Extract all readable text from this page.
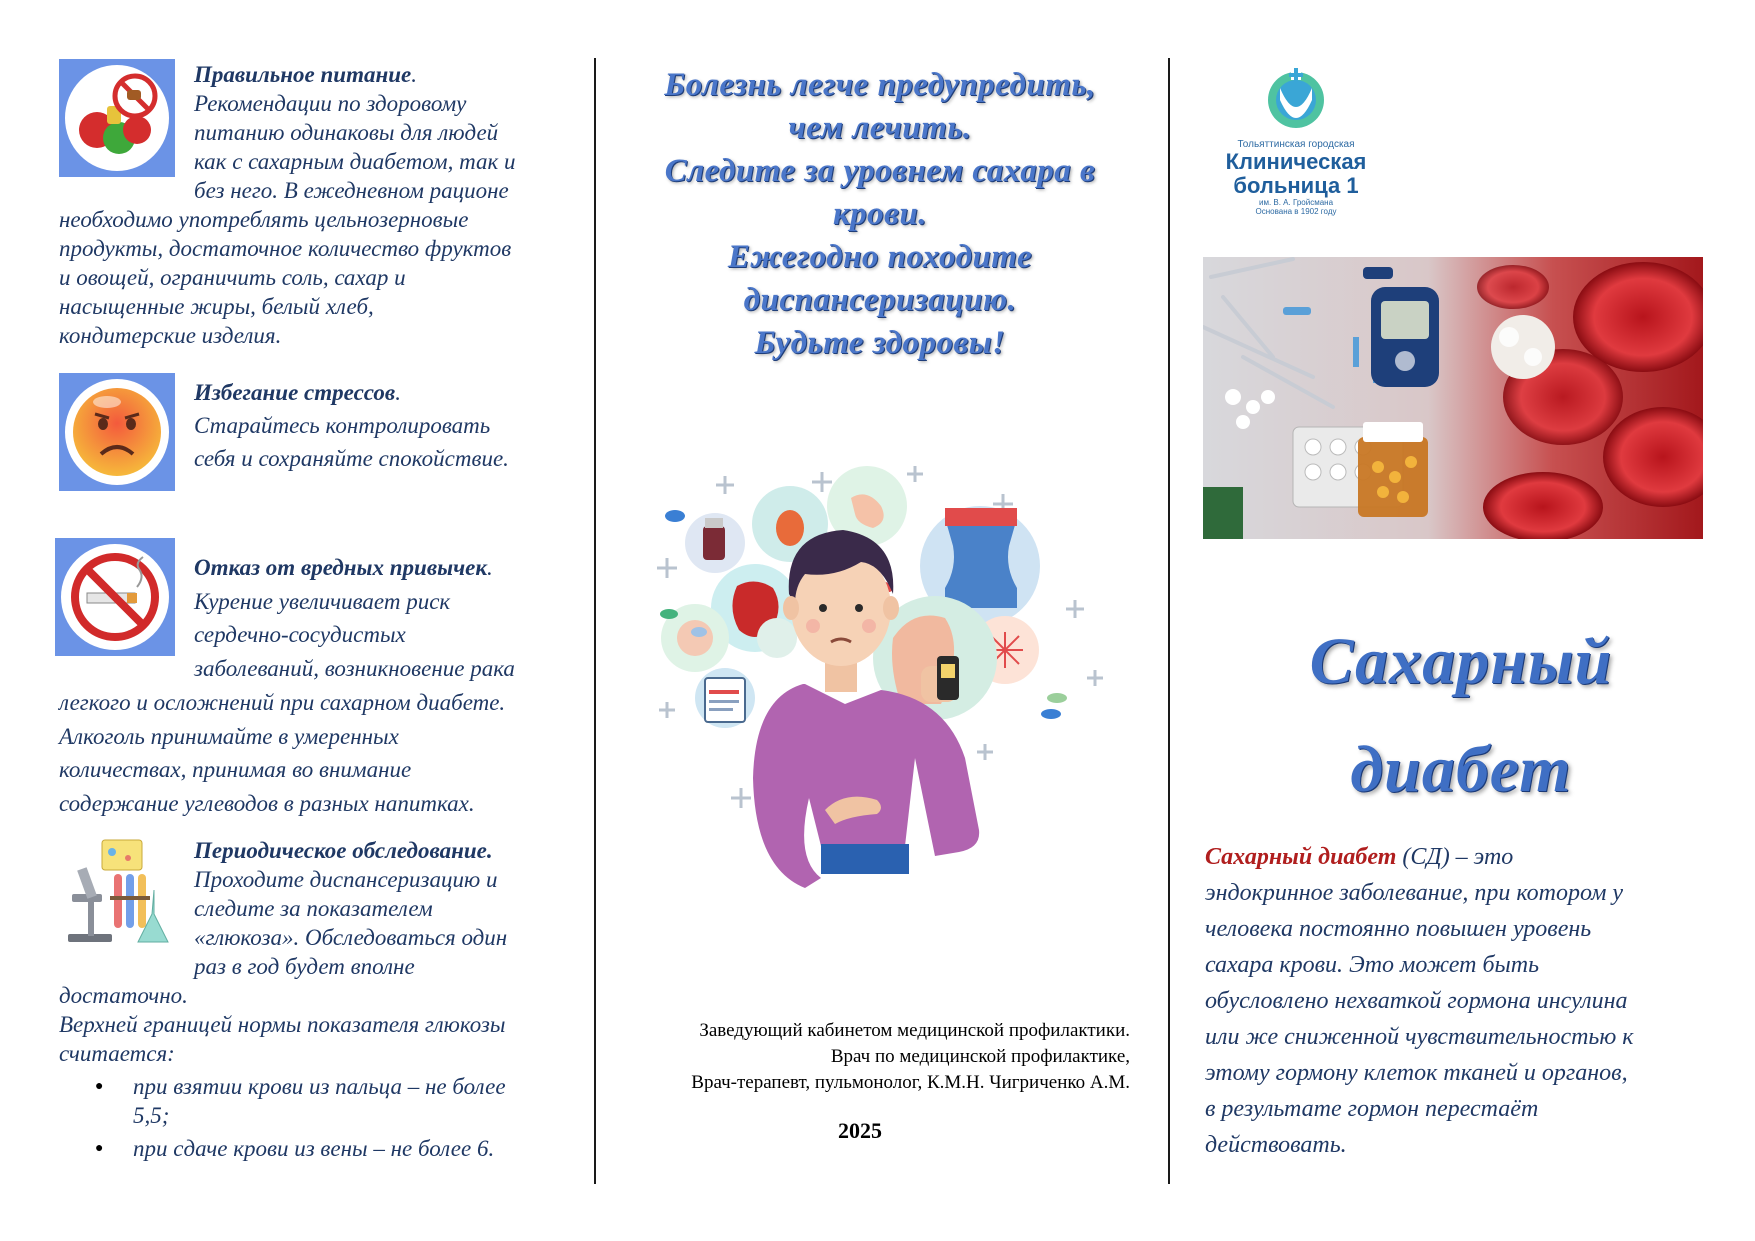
Правильное питание.
Рекомендации по здоровому
питанию одинаковы для людей
как с сахарным диабетом, так и
без него. В ежедневном рационе
необходимо употреблять цельнозерновые
продукты, достаточное количество фруктов
и овощей, ограничить соль, сахар и
насыщенные жиры, белый хлеб,
кондитерские изделия.
Избегание стрессов.
Старайтесь контролировать
себя и сохраняйте спокойствие.
Отказ от вредных привычек.
Курение увеличивает риск
сердечно-сосудистых
заболеваний, возникновение рака
легкого и осложнений при сахарном диабете.
Алкоголь принимайте в умеренных
количествах, принимая во внимание
содержание углеводов в разных напитках.
Периодическое обследование.
Проходите диспансеризацию и
следите за показателем
«глюкоза». Обследоваться один
раз в год будет вполне
достаточно.
Верхней границей нормы показателя глюкозы
считается:
● при взятии крови из пальца – не более 5,5;
● при сдаче крови из вены – не более 6.
Болезнь легче предупредить,
чем лечить.
Следите за уровнем сахара в
крови.
Ежегодно походите
диспансеризацию.
Будьте здоровы!
Заведующий кабинетом медицинской профилактики.
Врач по медицинской профилактике,
Врач-терапевт, пульмонолог, К.М.Н. Чигриченко А.М.
2025
Тольяттинская городская
Клиническая
больница 1
им. В. А. Гройсмана
Основана в 1902 году
Сахарный
диабет
Сахарный диабет (СД) – это
эндокринное заболевание, при котором у
человека постоянно повышен уровень
сахара крови. Это может быть
обусловлено нехваткой гормона инсулина
или же сниженной чувствительностью к
этому гормону клеток тканей и органов,
в результате гормон перестаёт
действовать.
